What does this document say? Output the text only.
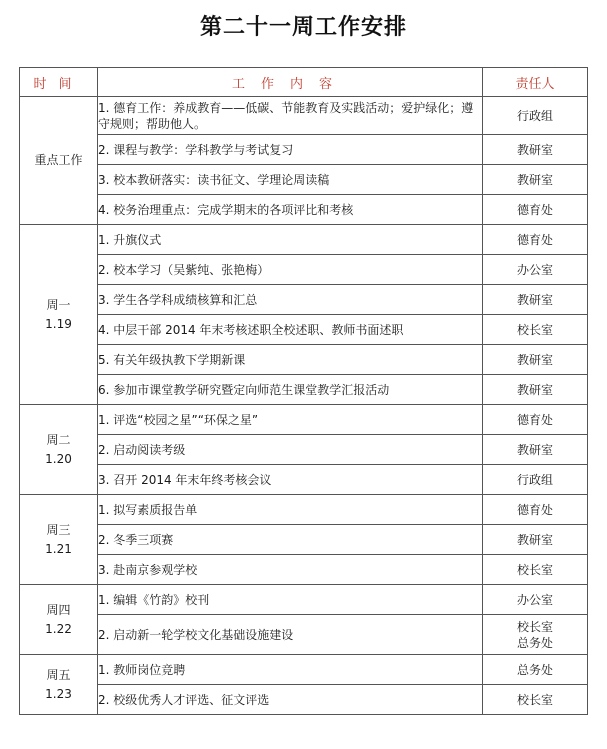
第二十一周工作安排
时间	工作内容	责任人

重点工作	1. 德育工作：养成教育——低碳、节能教育及实践活动；爱护绿化；遵守规则；帮助他人。	行政组

	2. 课程与教学：学科教学与考试复习	教研室

	3. 校本教研落实：读书征文、学理论周读稿	教研室

	4. 校务治理重点：完成学期末的各项评比和考核	德育处

周一
1.19	1. 升旗仪式	德育处

	2. 校本学习（吴紫纯、张艳梅）	办公室

	3. 学生各学科成绩核算和汇总	教研室

	4. 中层干部 2014 年末考核述职全校述职、教师书面述职	校长室

	5. 有关年级执教下学期新课	教研室

	6. 参加市课堂教学研究暨定向师范生课堂教学汇报活动	教研室

周二
1.20	1. 评选“校园之星”“环保之星”	德育处

	2. 启动阅读考级	教研室

	3. 召开 2014 年末年终考核会议	行政组

周三
1.21	1. 拟写素质报告单	德育处

	2. 冬季三项赛	教研室

	3. 赴南京参观学校	校长室

周四
1.22	1. 编辑《竹韵》校刊	办公室

	2. 启动新一轮学校文化基础设施建设	校长室
总务处

周五
1.23	1. 教师岗位竞聘	总务处

	2. 校级优秀人才评选、征文评选	校长室
